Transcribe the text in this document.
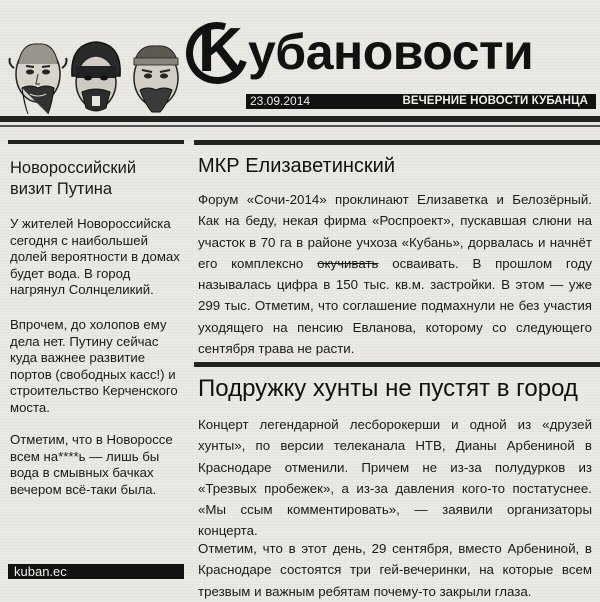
K убановости
ВЕЧЕРНИЕ НОВОСТИ КУБАНЦА
23.09.2014
Новороссийский визит Путина

У жителей Новороссийска сегодня с наибольшей долей вероятности в домах будет вода. В город нагрянул Солнцеликий.

Впрочем, до холопов ему дела нет. Путину сейчас куда важнее развитие портов (свободных касс!) и строительство Керченского моста.

Отметим, что в Новороссе всем на****ь — лишь бы вода в смывных бачках вечером всё-таки была.

kuban.ec
МКР Елизаветинский

Форум «Сочи-2014» проклинают Елизаветка и Белозёрный. Как на беду, некая фирма «Роспроект», пускавшая слюни на участок в 70 га в районе учхоза «Кубань», дорвалась и начнёт его комплексно окучивать осваивать. В прошлом году называлась цифра в 150 тыс. кв.м. застройки. В этом — уже 299 тыс. Отметим, что соглашение подмахнули не без участия уходящего на пенсию Евланова, которому со следующего сентября трава не расти.

Подружку хунты не пустят в город

Концерт легендарной лесборокерши и одной из «друзей хунты», по версии телеканала НТВ, Дианы Арбениной в Краснодаре отменили. Причем не из-за полудурков из «Трезвых пробежек», а из-за давления кого-то постатуснее. «Мы ссым комментировать», — заявили организаторы концерта.

Отметим, что в этот день, 29 сентября, вместо Арбениной, в Краснодаре состоятся три гей-вечеринки, на которые всем трезвым и важным ребятам почему-то закрыли глаза.
